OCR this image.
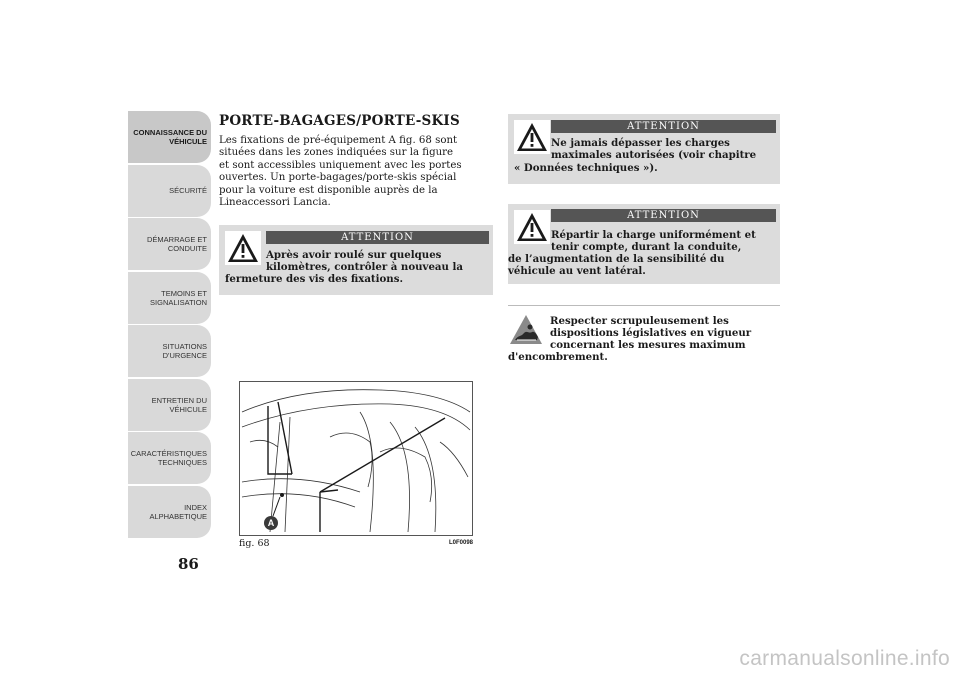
CONNAISSANCE DU
VÉHICULE
SÉCURITÉ
DÉMARRAGE ET
CONDUITE
TEMOINS ET
SIGNALISATION
SITUATIONS
D'URGENCE
ENTRETIEN DU
VÉHICULE
CARACTÉRISTIQUES
TECHNIQUES
INDEX
ALPHABETIQUE
86
PORTE-BAGAGES/PORTE-SKIS
Les fixations de pré-équipement A fig. 68 sont
situées dans les zones indiquées sur la figure
et sont accessibles uniquement avec les portes
ouvertes. Un porte-bagages/porte-skis spécial
pour la voiture est disponible auprès de la
Lineaccessori Lancia.
ATTENTION
Après avoir roulé sur quelques
kilomètres, contrôler à nouveau la
fermeture des vis des fixations.
ATTENTION
Ne jamais dépasser les charges
maximales autorisées (voir chapitre
« Données techniques »).
ATTENTION
Répartir la charge uniformément et
tenir compte, durant la conduite,
de l’augmentation de la sensibilité du
véhicule au vent latéral.
Respecter scrupuleusement les
dispositions législatives en vigueur
concernant les mesures maximum
d'encombrement.
A
fig. 68	L0F0098
carmanualsonline.info
